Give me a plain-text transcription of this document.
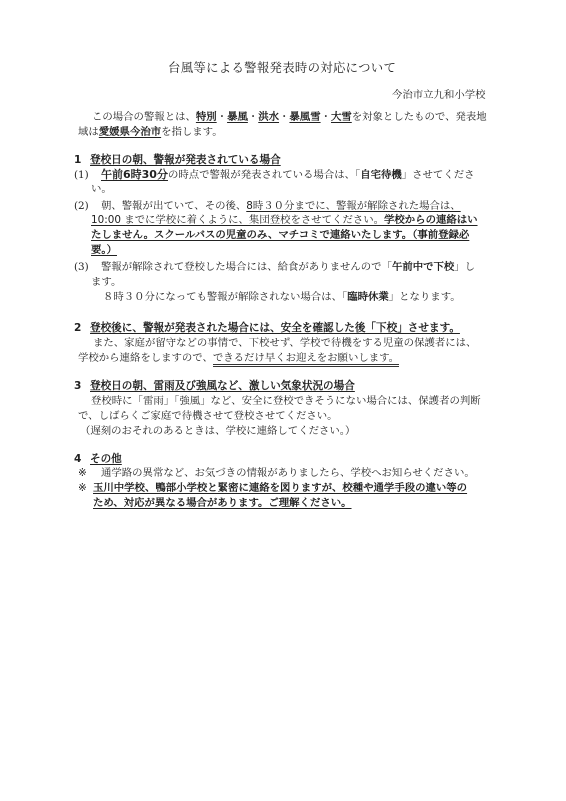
台風等による警報発表時の対応について
今治市立九和小学校
この場合の警報とは、特別・暴風・洪水・暴風雪・大雪を対象としたもので、発表地
域は愛媛県今治市を指します。
1 登校日の朝、警報が発表されている場合
(1) 午前6時30分の時点で警報が発表されている場合は、「自宅待機」させてくださ
い。
(2) 朝、警報が出ていて、その後、8時３０分までに、警報が解除された場合は、
10:00 までに学校に着くように、集団登校をさせてください。学校からの連絡はい
たしません。スクールバスの児童のみ、マチコミで連絡いたします。（事前登録必
要。）
(3) 警報が解除されて登校した場合には、給食がありませんので「午前中で下校」し
ます。
８時３０分になっても警報が解除されない場合は、「臨時休業」となります。
2 登校後に、警報が発表された場合には、安全を確認した後「下校」させます。
また、家庭が留守などの事情で、下校せず、学校で待機をする児童の保護者には、
学校から連絡をしますので、できるだけ早くお迎えをお願いします。
3 登校日の朝、雷雨及び強風など、激しい気象状況の場合
登校時に「雷雨」「強風」など、安全に登校できそうにない場合には、保護者の判断
で、しばらくご家庭で待機させて登校させてください。
（遅刻のおそれのあるときは、学校に連絡してください。）
4 その他
※ 通学路の異常など、お気づきの情報がありましたら、学校へお知らせください。
※ 玉川中学校、鴨部小学校と緊密に連絡を図りますが、校種や通学手段の違い等の
ため、対応が異なる場合があります。ご理解ください。
